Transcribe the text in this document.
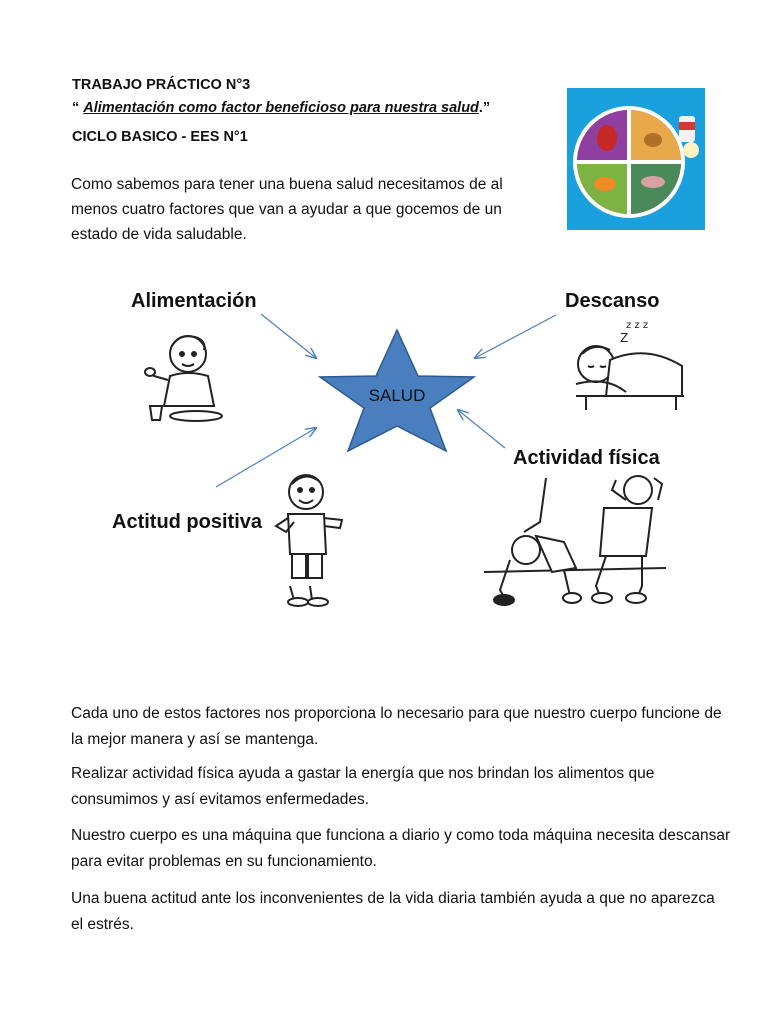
TRABAJO PRÁCTICO N°3
“ Alimentación como factor beneficioso para nuestra salud.”
CICLO BASICO - EES N°1
Como sabemos para tener una buena salud necesitamos de al menos cuatro factores que van a ayudar a que gocemos de un estado de vida saludable.
SALUD
Alimentación	Descanso
Actividad física
Actitud positiva
z z z
Z
Cada uno de estos factores nos proporciona lo necesario para que nuestro cuerpo funcione de la mejor manera y así se mantenga.
Realizar actividad física ayuda a gastar la energía que nos brindan los alimentos que consumimos y así evitamos enfermedades.
Nuestro cuerpo es una máquina que funciona a diario y como toda máquina necesita descansar para evitar problemas en su funcionamiento.
Una buena actitud ante los inconvenientes de la vida diaria también ayuda a que no aparezca el estrés.
